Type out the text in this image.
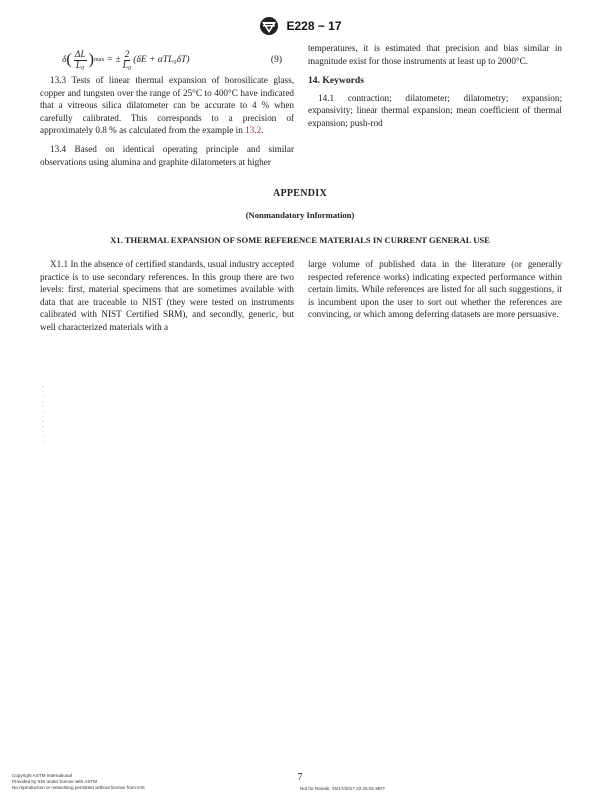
E228 − 17
δ ( $\frac{\Delta L}{\text{L₀}}$ ) max
= ± $\frac{2}{\text{L₀}} (\delta E + \alpha TL_0\delta T)$	(9)

13.3 Tests of linear thermal expansion of borosilicate glass, copper and tungsten over the range of 25°C to 400°C have indicated that a vitreous silica dilatometer can be accurate to 4 % when carefully calibrated. This corresponds to a precision of approximately 0.8 % as calculated from the example in 13.2.

13.4 Based on identical operating principle and similar observations using alumina and graphite dilatometers at higher

temperatures, it is estimated that precision and bias similar in magnitude exist for those instruments at least up to 2000°C.

14. Keywords

14.1 contraction; dilatometer; dilatometry; expansion; expansivity; linear thermal expansion; mean coefficient of thermal expansion; push-rod

APPENDIX
(Nonmandatory Information)
X1. THERMAL EXPANSION OF SOME REFERENCE MATERIALS IN CURRENT GENERAL USE

X1.1 In the absence of certified standards, usual industry accepted practice is to use secondary references. In this group there are two levels: first, material specimens that are sometimes available with data that are traceable to NIST (they were tested on instruments calibrated with NIST Certified SRM), and secondly, generic, but well characterized materials with a

large volume of published data in the literature (or generally respected reference works) indicating expected performance within certain limits. While references are listed for all such suggestions, it is incumbent upon the user to sort out whether the references are convincing, or which among deferring datasets are more persuasive.

Copyright ASTM International
Provided by IHS under license with ASTM
No reproduction or networking permitted without license from IHS
7
Not for Resale, 05/17/2017 22:25:52 MDT
